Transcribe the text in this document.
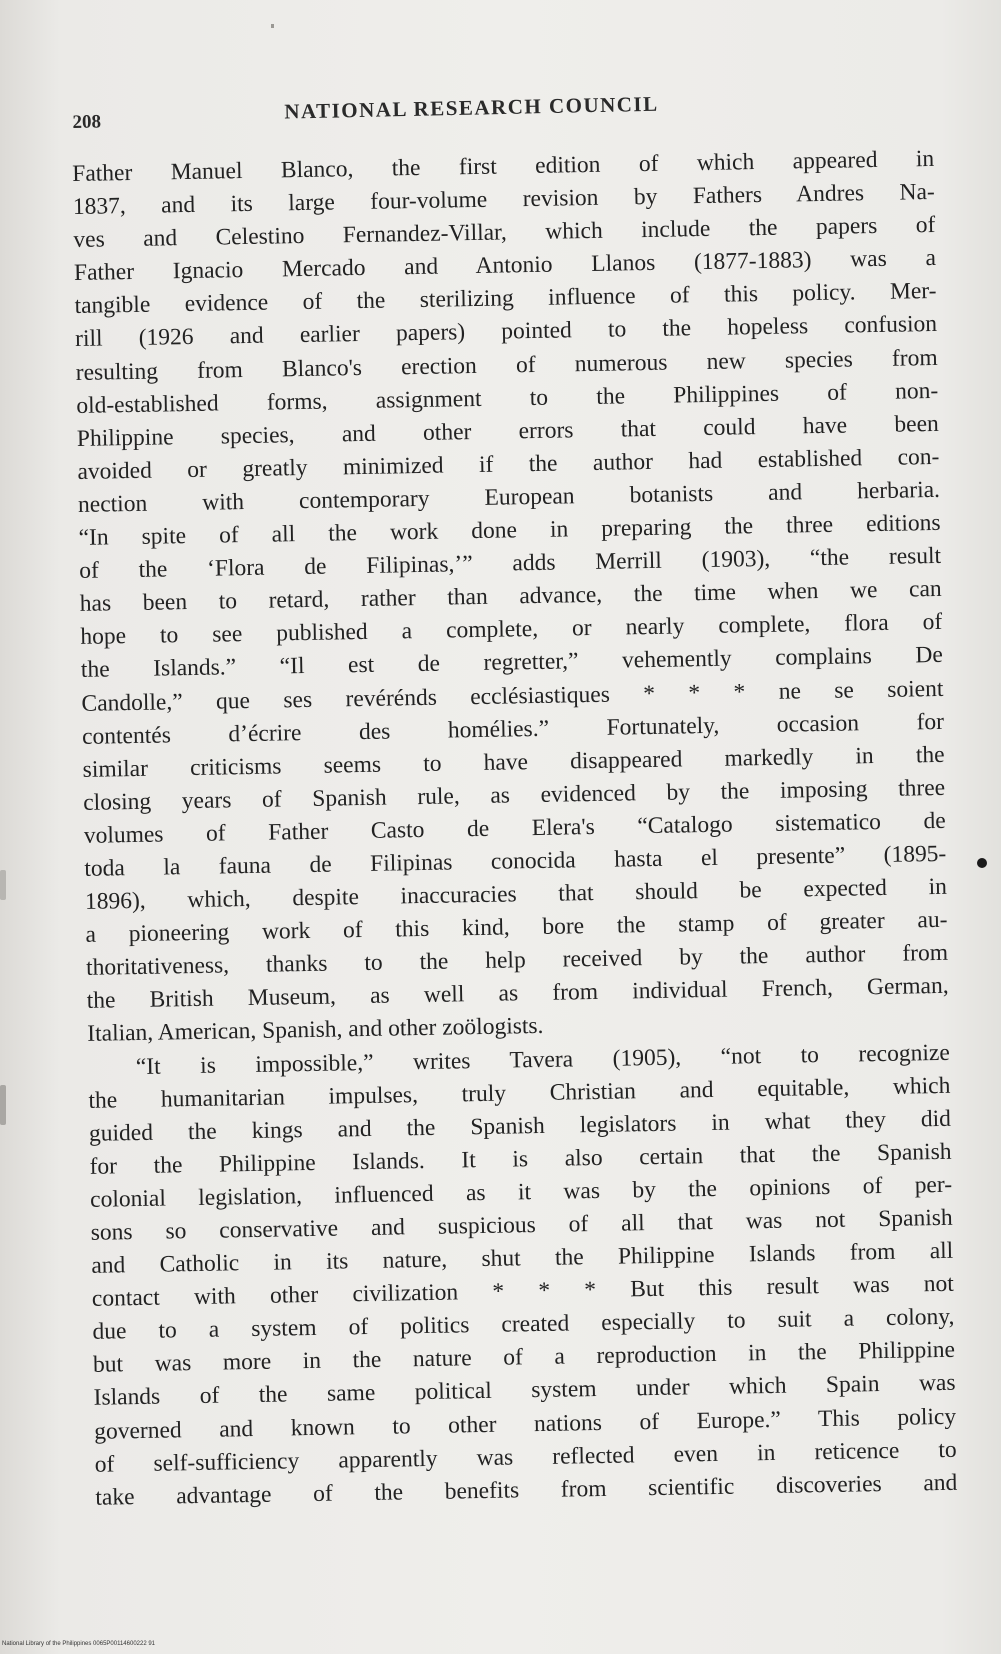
208	NATIONAL RESEARCH COUNCIL
Father Manuel Blanco, the first edition of which appeared in
1837, and its large four-volume revision by Fathers Andres Na-
ves and Celestino Fernandez-Villar, which include the papers of
Father Ignacio Mercado and Antonio Llanos (1877-1883) was a
tangible evidence of the sterilizing influence of this policy. Mer-
rill (1926 and earlier papers) pointed to the hopeless confusion
resulting from Blanco's erection of numerous new species from
old-established forms, assignment to the Philippines of non-
Philippine species, and other errors that could have been
avoided or greatly minimized if the author had established con-
nection with contemporary European botanists and herbaria.
“In spite of all the work done in preparing the three editions
of the ‘Flora de Filipinas,’” adds Merrill (1903), “the result
has been to retard, rather than advance, the time when we can
hope to see published a complete, or nearly complete, flora of
the Islands.” “Il est de regretter,” vehemently complains De
Candolle,” que ses revérénds ecclésiastiques * * * ne se soient
contentés d’écrire des homélies.” Fortunately, occasion for
similar criticisms seems to have disappeared markedly in the
closing years of Spanish rule, as evidenced by the imposing three
volumes of Father Casto de Elera's “Catalogo sistematico de
toda la fauna de Filipinas conocida hasta el presente” (1895-
1896), which, despite inaccuracies that should be expected in
a pioneering work of this kind, bore the stamp of greater au-
thoritativeness, thanks to the help received by the author from
the British Museum, as well as from individual French, German,
Italian, American, Spanish, and other zoölogists.
“It is impossible,” writes Tavera (1905), “not to recognize
the humanitarian impulses, truly Christian and equitable, which
guided the kings and the Spanish legislators in what they did
for the Philippine Islands. It is also certain that the Spanish
colonial legislation, influenced as it was by the opinions of per-
sons so conservative and suspicious of all that was not Spanish
and Catholic in its nature, shut the Philippine Islands from all
contact with other civilization * * * But this result was not
due to a system of politics created especially to suit a colony,
but was more in the nature of a reproduction in the Philippine
Islands of the same political system under which Spain was
governed and known to other nations of Europe.” This policy
of self-sufficiency apparently was reflected even in reticence to
take advantage of the benefits from scientific discoveries and
National Library of the Philippines 0065P00114600222 91
